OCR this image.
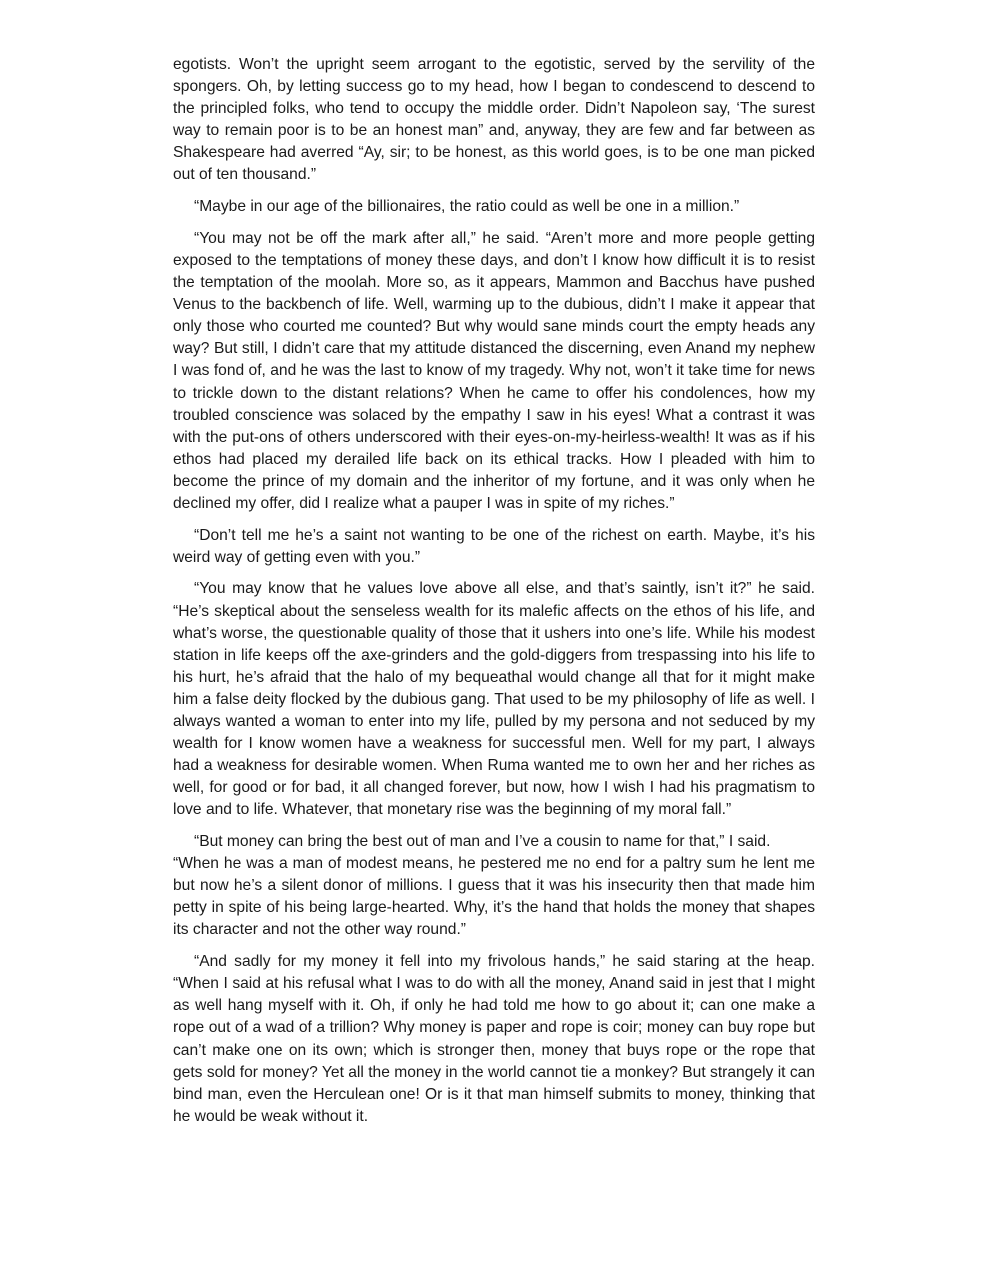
egotists. Won’t the upright seem arrogant to the egotistic, served by the servility of the spongers. Oh, by letting success go to my head, how I began to condescend to descend to the principled folks, who tend to occupy the middle order. Didn’t Napoleon say, ‘The surest way to remain poor is to be an honest man” and, anyway, they are few and far between as Shakespeare had averred “Ay, sir; to be honest, as this world goes, is to be one man picked out of ten thousand.”

“Maybe in our age of the billionaires, the ratio could as well be one in a million.”

“You may not be off the mark after all,” he said. “Aren’t more and more people getting exposed to the temptations of money these days, and don’t I know how difficult it is to resist the temptation of the moolah. More so, as it appears, Mammon and Bacchus have pushed Venus to the backbench of life. Well, warming up to the dubious, didn’t I make it appear that only those who courted me counted? But why would sane minds court the empty heads any way? But still, I didn’t care that my attitude distanced the discerning, even Anand my nephew I was fond of, and he was the last to know of my tragedy. Why not, won’t it take time for news to trickle down to the distant relations? When he came to offer his condolences, how my troubled conscience was solaced by the empathy I saw in his eyes! What a contrast it was with the put-ons of others underscored with their eyes-on-my-heirless-wealth! It was as if his ethos had placed my derailed life back on its ethical tracks. How I pleaded with him to become the prince of my domain and the inheritor of my fortune, and it was only when he declined my offer, did I realize what a pauper I was in spite of my riches.”

“Don’t tell me he’s a saint not wanting to be one of the richest on earth. Maybe, it’s his weird way of getting even with you.”

“You may know that he values love above all else, and that’s saintly, isn’t it?” he said. “He’s skeptical about the senseless wealth for its malefic affects on the ethos of his life, and what’s worse, the questionable quality of those that it ushers into one’s life. While his modest station in life keeps off the axe-grinders and the gold-diggers from trespassing into his life to his hurt, he’s afraid that the halo of my bequeathal would change all that for it might make him a false deity flocked by the dubious gang. That used to be my philosophy of life as well. I always wanted a woman to enter into my life, pulled by my persona and not seduced by my wealth for I know women have a weakness for successful men. Well for my part, I always had a weakness for desirable women. When Ruma wanted me to own her and her riches as well, for good or for bad, it all changed forever, but now, how I wish I had his pragmatism to love and to life. Whatever, that monetary rise was the beginning of my moral fall.”

“But money can bring the best out of man and I’ve a cousin to name for that,” I said.

“When he was a man of modest means, he pestered me no end for a paltry sum he lent me but now he’s a silent donor of millions. I guess that it was his insecurity then that made him petty in spite of his being large-hearted. Why, it’s the hand that holds the money that shapes its character and not the other way round.”

“And sadly for my money it fell into my frivolous hands,” he said staring at the heap. “When I said at his refusal what I was to do with all the money, Anand said in jest that I might as well hang myself with it. Oh, if only he had told me how to go about it; can one make a rope out of a wad of a trillion? Why money is paper and rope is coir; money can buy rope but can’t make one on its own; which is stronger then, money that buys rope or the rope that gets sold for money? Yet all the money in the world cannot tie a monkey? But strangely it can bind man, even the Herculean one! Or is it that man himself submits to money, thinking that he would be weak without it.
